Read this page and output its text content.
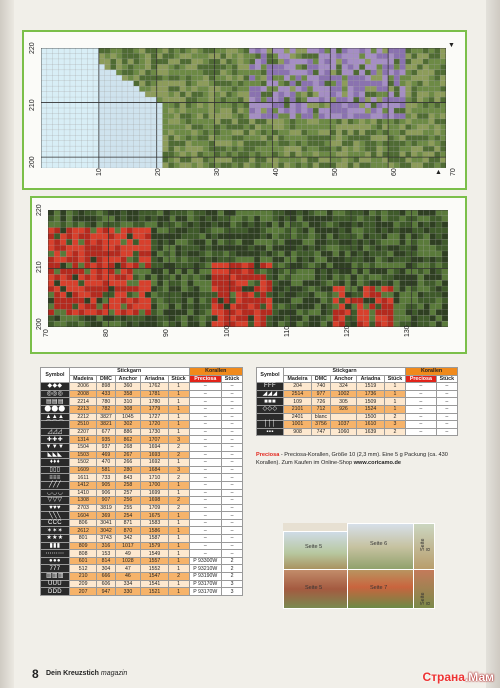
▼
▲
220
210
200
10	20	30	40	50	60	70
220
210
200
70	80	90	100	110	120	130
Symbol	Stickgarn					Korallen	
	Madeira	DMC	Anchor	Ariadna	Stück	Preciosa	Stück
◆◆◆	2006	898	360	1762	1	–	–
◎◎◎	2008	433	358	1781	1	–	–
▤▤▤	2214	780	310	1780	1	–	–
⬤⬤⬤	2213	782	308	1779	1	–	–
▲▲▲	2212	3827	1045	1727	1	–	–
⌒⌒⌒	2510	3821	302	1720	1	–	–
◿◿◿	2207	677	886	1730	1	–	–
✚✚✚	1314	935	862	1707	3	–	–
▼▼▼	1504	937	268	1694	2	–	–
◣◣◣	1503	469	267	1693	2	–	–
♦♦♦	1502	470	266	1692	1	–	–
▯▯▯	1609	581	280	1684	3	–	–
≡≡≡	1611	733	843	1710	2	–	–
╱╱╱	1412	905	258	1700	1	–	–
◡◡◡	1410	906	257	1699	1	–	–
▽▽▽	1308	907	256	1698	2	–	–
♥♥♥	2703	3819	255	1709	2	–	–
╲╲╲	1604	369	254	1675	1	–	–
CCC	806	3041	871	1583	1	–	–
✶✶✶	2612	3042	870	1586	1	–	–
★★★	801	3743	342	1587	1	–	–
▮▮▮	809	316	1017	1579	1	–	–
⋯⋯⋯	808	153	49	1549	1	–	–
●●●	601	814	1028	1557	1	P 93300W	2
777	512	304	47	1552	1	P 93210W	2
▥▥▥	210	666	46	1547	2	P 93190W	2
UUU	209	606	334	1541	1	P 93170W	3
DDD	207	947	330	1521	1	P 93170W	3
Symbol	Stickgarn					Korallen	
	Madeira	DMC	Anchor	Ariadna	Stück	Preciosa	Stück
FFF	204	740	324	1519	1	–	–
◢◢◢	2514	977	1002	1736	1	–	–
■■■	109	726	305	1509	1	–	–
◇◇◇	2101	712	926	1524	1	–	–
	2401	blanc		1500	2	–	–
│││	1001	3756	1037	1610	3	–	–
▪▪▪	908	747	1060	1639	2	–	–
Preciosa - Preciosa-Korallen, Größe 10 (2,3 mm). Eine 5 g Packung (ca. 430 Korallen). Zum Kaufen im Online-Shop www.coricamo.de
Seite 5	Seite 6	Seite 8
Seite 5	Seite 7
Seite 8
8 Dein Kreuzstich magazin	Страна.Мам
